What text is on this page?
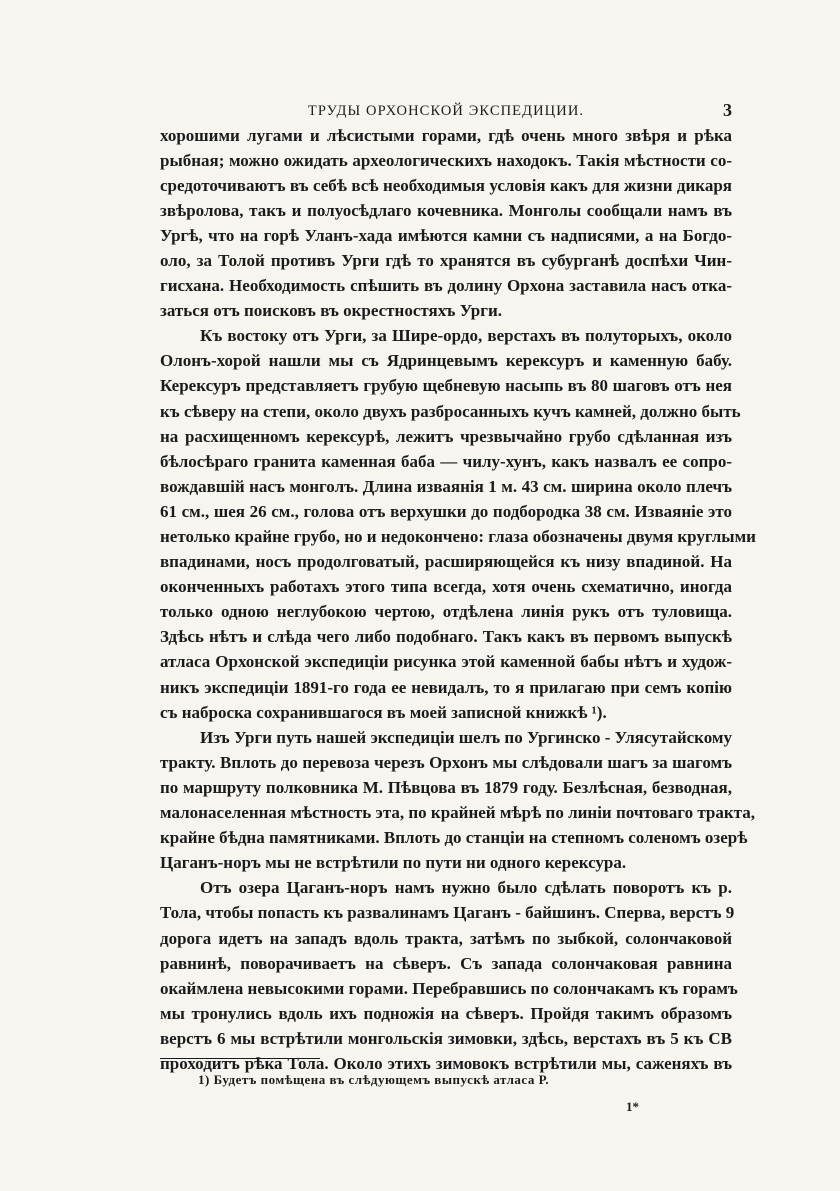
ТРУДЫ ОРХОНСКОЙ ЭКСПЕДИЦИИ.	3
хорошими лугами и лѣсистыми горами, гдѣ очень много звѣря и рѣка
рыбная; можно ожидать археологическихъ находокъ. Такія мѣстности со-
средоточиваютъ въ себѣ всѣ необходимыя условія какъ для жизни дикаря
звѣролова, такъ и полуосѣдлаго кочевника. Монголы сообщали намъ въ
Ургѣ, что на горѣ Уланъ-хада имѣются камни съ надписями, а на Богдо-
оло, за Толой противъ Урги гдѣ то хранятся въ субурганѣ доспѣхи Чин-
гисхана. Необходимость спѣшить въ долину Орхона заставила насъ отка-
заться отъ поисковъ въ окрестностяхъ Урги.
Къ востоку отъ Урги, за Шире-ордо, верстахъ въ полуторыхъ, около
Олонъ-хорой нашли мы съ Ядринцевымъ керексуръ и каменную бабу.
Керексуръ представляетъ грубую щебневую насыпь въ 80 шаговъ отъ нея
къ сѣверу на степи, около двухъ разбросанныхъ кучъ камней, должно быть
на расхищенномъ керексурѣ, лежитъ чрезвычайно грубо сдѣланная изъ
бѣлосѣраго гранита каменная баба — чилу-хунъ, какъ назвалъ ее сопро-
вождавшій насъ монголъ. Длина изваянія 1 м. 43 см. ширина около плечъ
61 см., шея 26 см., голова отъ верхушки до подбородка 38 см. Изваяніе это
нетолько крайне грубо, но и недокончено: глаза обозначены двумя круглыми
впадинами, носъ продолговатый, расширяющейся къ низу впадиной. На
оконченныхъ работахъ этого типа всегда, хотя очень схематично, иногда
только одною неглубокою чертою, отдѣлена линія рукъ отъ туловища.
Здѣсь нѣтъ и слѣда чего либо подобнаго. Такъ какъ въ первомъ выпускѣ
атласа Орхонской экспедиціи рисунка этой каменной бабы нѣтъ и худож-
никъ экспедиціи 1891-го года ее невидалъ, то я прилагаю при семъ копію
съ наброска сохранившагося въ моей записной книжкѣ ¹).
Изъ Урги путь нашей экспедиціи шелъ по Ургинско - Улясутайскому
тракту. Вплоть до перевоза черезъ Орхонъ мы слѣдовали шагъ за шагомъ
по маршруту полковника М. Пѣвцова въ 1879 году. Безлѣсная, безводная,
малонаселенная мѣстность эта, по крайней мѣрѣ по линіи почтоваго тракта,
крайне бѣдна памятниками. Вплоть до станціи на степномъ соленомъ озерѣ
Цаганъ-норъ мы не встрѣтили по пути ни одного керексура.
Отъ озера Цаганъ-норъ намъ нужно было сдѣлать поворотъ къ р.
Тола, чтобы попасть къ развалинамъ Цаганъ - байшинъ. Сперва, верстъ 9
дорога идетъ на западъ вдоль тракта, затѣмъ по зыбкой, солончаковой
равнинѣ, поворачиваетъ на сѣверъ. Съ запада солончаковая равнина
окаймлена невысокими горами. Перебравшись по солончакамъ къ горамъ
мы тронулись вдоль ихъ подножія на сѣверъ. Пройдя такимъ образомъ
верстъ 6 мы встрѣтили монгольскія зимовки, здѣсь, верстахъ въ 5 къ СВ
проходитъ рѣка Тола. Около этихъ зимовокъ встрѣтили мы, саженяхъ въ
1) Будетъ помѣщена въ слѣдующемъ выпускѣ атласа Р.
1*
